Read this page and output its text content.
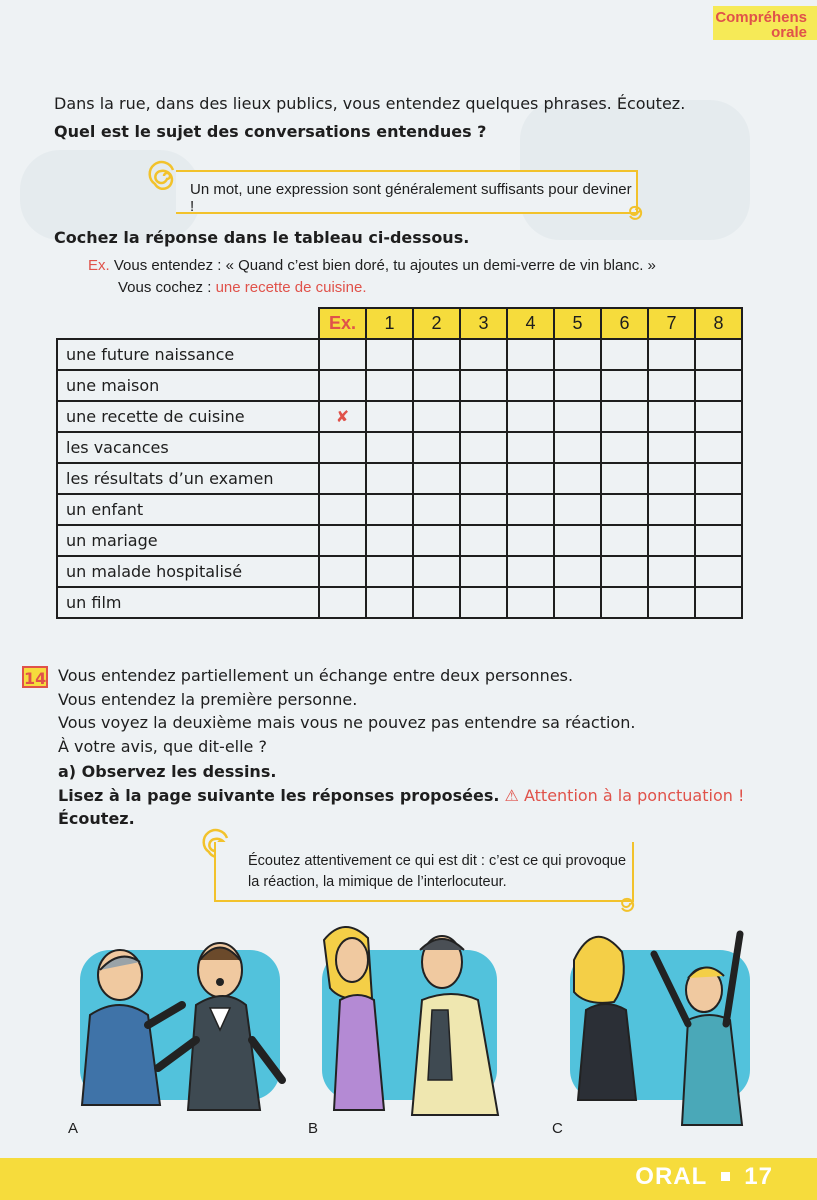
Compréhens
orale
Dans la rue, dans des lieux publics, vous entendez quelques phrases. Écoutez.
Quel est le sujet des conversations entendues ?
Un mot, une expression sont généralement suffisants pour deviner !
Cochez la réponse dans le tableau ci-dessous.
Ex. Vous entendez : « Quand c’est bien doré, tu ajoutes un demi-verre de vin blanc. »
Vous cochez : une recette de cuisine.
	Ex.	1	2	3	4	5	6	7	8
une future naissance									
une maison									
une recette de cuisine	✘								
les vacances									
les résultats d’un examen									
un enfant									
un mariage									
un malade hospitalisé									
un film									
14 Vous entendez partiellement un échange entre deux personnes.
Vous entendez la première personne.
Vous voyez la deuxième mais vous ne pouvez pas entendre sa réaction.
À votre avis, que dit-elle ?
a) Observez les dessins.
Lisez à la page suivante les réponses proposées. ⚠ Attention à la ponctuation !
Écoutez.
Écoutez attentivement ce qui est dit : c’est ce qui provoque
la réaction, la mimique de l’interlocuteur.
A	B	C
ORAL 17
